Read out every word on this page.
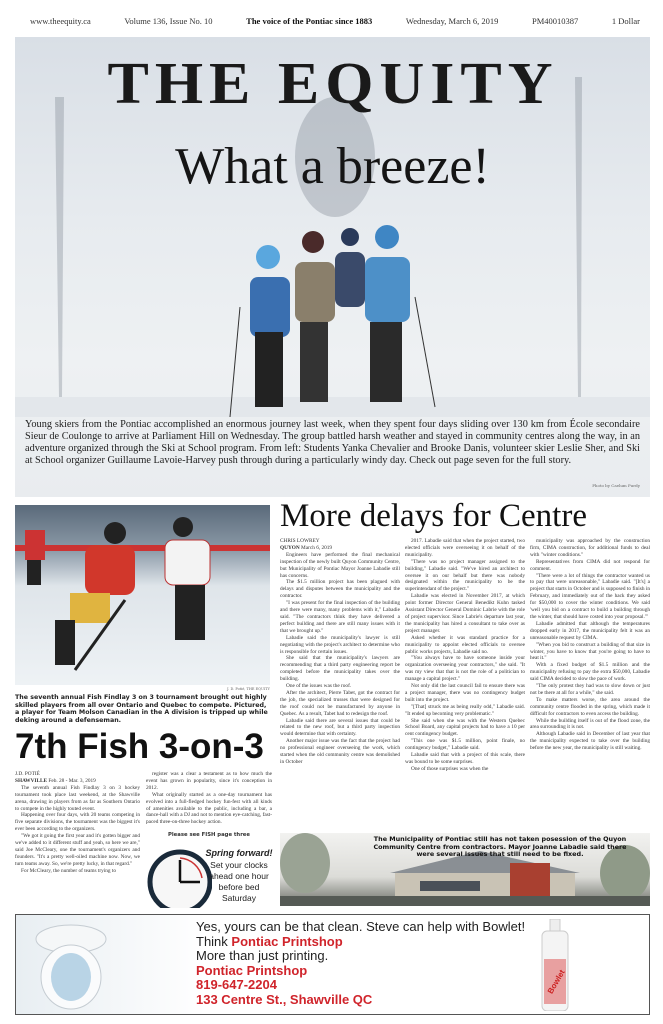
www.theequity.ca	Volume 136, Issue No. 10	The voice of the Pontiac since 1883	Wednesday, March 6, 2019	PM40010387	1 Dollar
THE EQUITY
What a breeze!
Young skiers from the Pontiac accomplished an enormous journey last week, when they spent four days sliding over 130 km from École secondaire Sieur de Coulonge to arrive at Parliament Hill on Wednesday. The group battled harsh weather and stayed in community centres along the way, in an adventure organized through the Ski at School program. From left: Students Yanka Chevalier and Brooke Danis, volunteer skier Leslie Sher, and Ski at School organizer Guillaume Lavoie-Harvey push through during a particularly windy day. Check out page seven for the full story.
Photo by Caelum Purdy
J. D. Potié, THE EQUITY
The seventh annual Fish Findlay 3 on 3 tournament brought out highly skilled players from all over Ontario and Quebec to compete. Pictured, a player for Team Molson Canadian in the A division is tripped up while deking around a defenseman.
7th Fish 3-on-3
J.D. POTIÉ
SHAWVILLE Feb. 28 - Mar. 3, 2019

The seventh annual Fish Findlay 3 on 3 hockey tournament took place last weekend, at the Shawville arena, drawing in players from as far as Southern Ontario to compete in the highly touted event.

Happening over four days, with 20 teams competing in five separate divisions, the tournament was the biggest it's ever been according to the organizers.

"We got it going the first year and it's gotten bigger and we've added to it different stuff and yeah, so here we are," said Joe McCleary, one the tournament's organizers and founders. "It's a pretty well-oiled machine now. Now, we turn teams away. So, we're pretty lucky, in that regard."

For McCleary, the number of teams trying to

register was a clear a testament as to how much the event has grown in popularity, since it's conception in 2012.

What originally started as a one-day tournament has evolved into a full-fledged hockey fun-fest with all kinds of amenities available to the public, including a bar, a dance-hall with a DJ and not to mention eye-catching, fast-paced three-on-three hockey action.

Please see FISH page three
Spring forward!
Set your clocks ahead one hour before bed Saturday
More delays for Centre
CHRIS LOWREY
QUYON March 6, 2019

Engineers have performed the final mechanical inspection of the newly built Quyon Community Centre, but Municipality of Pontiac Mayor Joanne Labadie still has concerns.

The $1.5 million project has been plagued with delays and disputes between the municipality and the contractor.

"I was present for the final inspection of the building and there were many, many problems with it," Labadie said. "The contractors think they have delivered a perfect building and there are still many issues with it that we brought up."

Labadie said the municipality's lawyer is still negotiating with the project's architect to determine who is responsible for certain issues.

She said that the municipality's lawyers are recommending that a third party engineering report be completed before the municipality takes over the building.

One of the issues was the roof.

After the architect, Pierre Tabet, got the contract for the job, the specialized trusses that were designed for the roof could not be manufactured by anyone in Quebec. As a result, Tabet had to redesign the roof.

Labadie said there are several issues that could be related to the new roof, but a third party inspection would determine that with certainty.

Another major issue was the fact that the project had no professional engineer overseeing the work, which started when the old community centre was demolished in October

2017. Labadie said that when the project started, two elected officials were overseeing it on behalf of the municipality.

"There was no project manager assigned to the building," Labadie said. "We've hired an architect to oversee it on our behalf but there was nobody designated within the municipality to be the superintendant of the project."

Labadie was elected in November 2017, at which point former Director General Benedikt Kuhn tasked Assistant Director General Dominic Labrie with the role of project supervisor. Since Labrie's departure last year, the municipality has hired a consultant to take over as project manager.

Asked whether it was standard practice for a municipality to appoint elected officials to oversee public works projects, Labadie said no.

"You always have to have someone inside your organization overseeing your contractors," she said. "It was my view that that is not the role of a politician to manage a capital project."

Not only did the last council fail to ensure there was a project manager, there was no contingency budget built into the project.

"[That] struck me as being really odd," Labadie said. "It ended up becoming very problematic."

She said when she was with the Western Quebec School Board, any capital projects had to have a 10 per cent contingency budget.

"This one was $1.5 million, point finale, no contingency budget," Labadie said.

Labadie said that with a project of this scale, there was bound to be some surprises.

One of those surprises was when the

municipality was approached by the construction firm, CIMA construction, for additional funds to deal with "winter conditions."

Representatives from CIMA did not respond for comment.

"There were a lot of things the contractor wanted us to pay that were unreasonable," Labadie said. "[It's] a project that starts in October and is supposed to finish in February, and immediately out of the hack they asked for $50,000 to cover the winter conditions. We said 'well you bid on a contract to build a building through the winter, that should have costed into your proposal.'"

Labadie admitted that although the temperatures dropped early in 2017, the municipality felt it was an unreasonable request by CIMA.

"When you bid to construct a building of that size in winter, you have to know that you're going to have to heat it."

With a fixed budget of $1.5 million and the municipality refusing to pay the extra $50,000, Labadie said CIMA decided to slow the pace of work.

"The only protest they had was to slow down or just not be there at all for a while," she said.

To make matters worse, the area around the community centre flooded in the spring, which made it difficult for contractors to even access the building.

While the building itself is out of the flood zone, the area surrounding it is not.

Although Labadie said in December of last year that the municipality expected to take over the building before the new year, the municipality is still waiting.

The Municipality of Pontiac still has not taken posession of the Quyon Community Centre from contractors. Mayor Joanne Labadie said there were several issues that still need to be fixed.
Yes, yours can be that clean. Steve can help with Bowlet!
Think Pontiac Printshop
More than just printing.
Pontiac Printshop
819-647-2204
133 Centre St., Shawville QC
Bowlet
